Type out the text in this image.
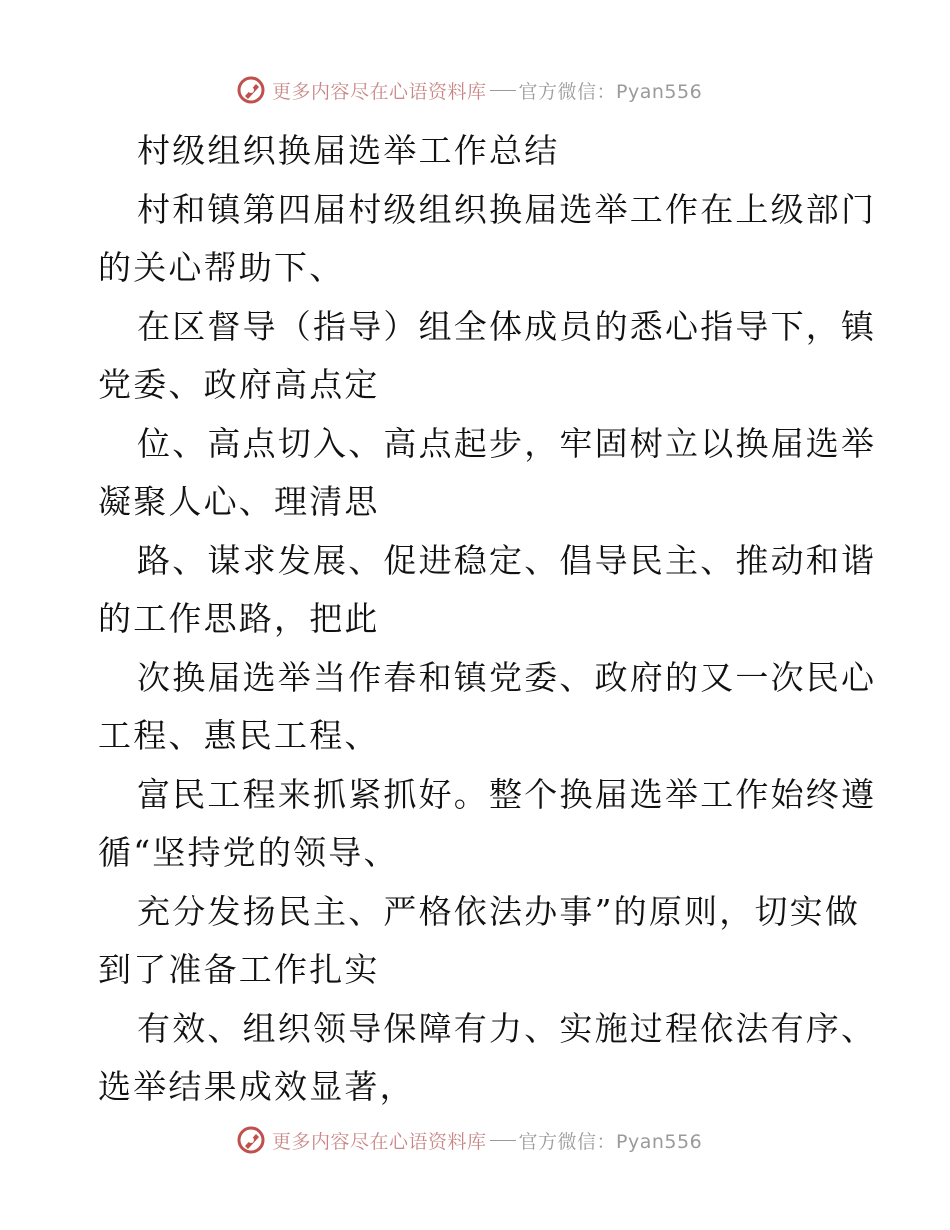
更多内容尽在心语资料库 官方微信：Pyan556
村级组织换届选举工作总结
村和镇第四届村级组织换届选举工作在上级部门
的关心帮助下、
在区督导（指导）组全体成员的悉心指导下，镇
党委、政府高点定
位、高点切入、高点起步，牢固树立以换届选举
凝聚人心、理清思
路、谋求发展、促进稳定、倡导民主、推动和谐
的工作思路，把此
次换届选举当作春和镇党委、政府的又一次民心
工程、惠民工程、
富民工程来抓紧抓好。整个换届选举工作始终遵
循“坚持党的领导、
充分发扬民主、严格依法办事”的原则，切实做
到了准备工作扎实
有效、组织领导保障有力、实施过程依法有序、
选举结果成效显著，
更多内容尽在心语资料库 官方微信：Pyan556
